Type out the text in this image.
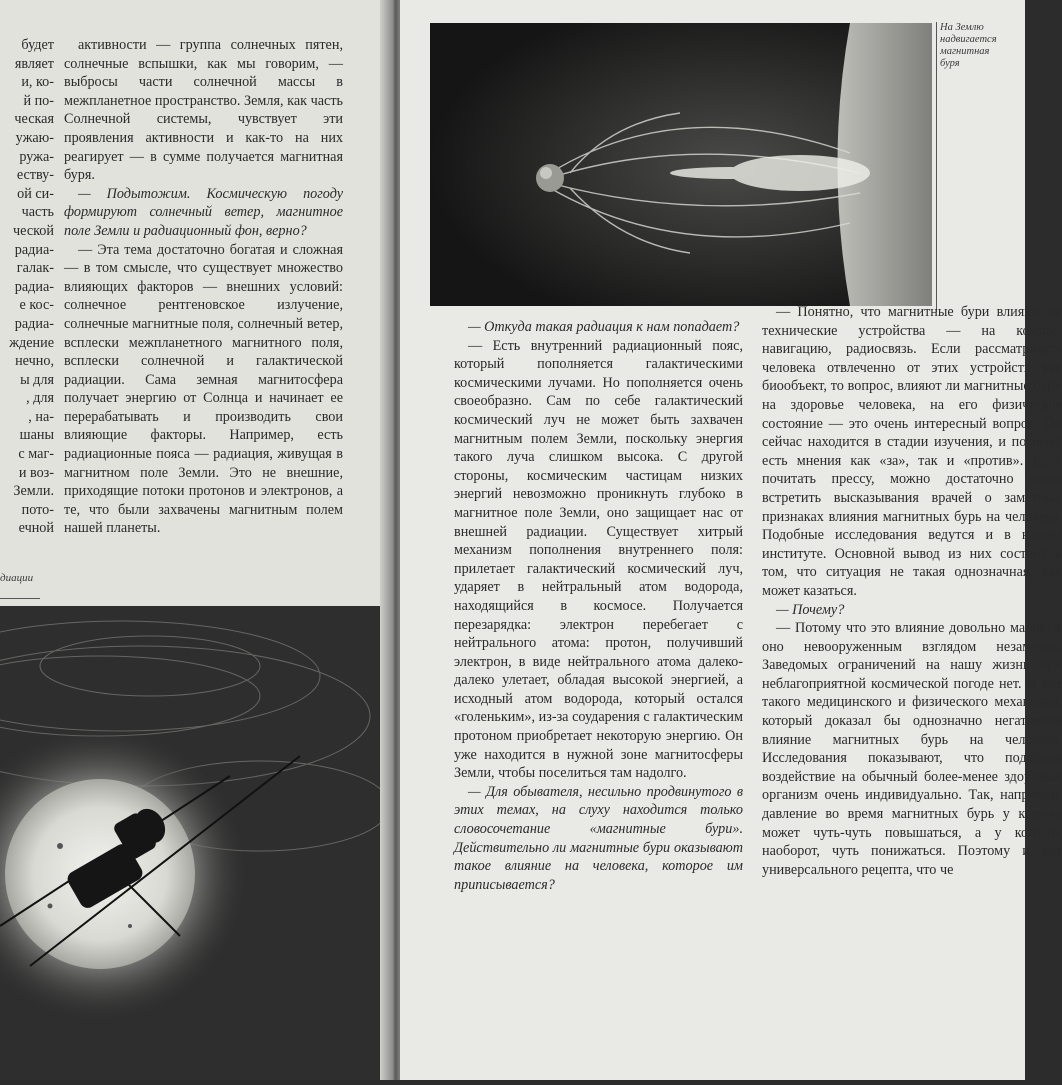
будет
являет
и, ко-
й по-
ческая
ужаю-
ружа-
еству-
ой си-
часть
ческой
радиа-
галак-
радиа-
е кос-
радиа-
ждение
нечно,
ы для
, для
, на-
шаны
с маг-
и воз-
Земли.
пото-
ечной

активности — группа солнечных пятен, солнечные вспышки, как мы говорим, — выбросы части солнечной массы в межпланетное пространство. Земля, как часть Солнечной системы, чувствует эти проявления активности и как-то на них реагирует — в сумме получается магнитная буря.

— Подытожим. Космическую погоду формируют солнечный ветер, магнитное поле Земли и радиационный фон, верно?

— Эта тема достаточно богатая и сложная — в том смысле, что существует множество влияющих факторов — внешних условий: солнечное рентгеновское излучение, солнечные магнитные поля, солнечный ветер, всплески межпланетного магнитного поля, всплески солнечной и галактической радиации. Сама земная магнитосфера получает энергию от Солнца и начинает ее перерабатывать и производить свои влияющие факторы. Например, есть радиационные пояса — радиация, живущая в магнитном поле Земли. Это не внешние, приходящие потоки протонов и электронов, а те, что были захвачены магнитным полем нашей планеты.

диации
На Землю
надвигается
магнитная
буря

— Откуда такая радиация к нам попадает?

— Есть внутренний радиационный пояс, который пополняется галактическими космическими лучами. Но пополняется очень своеобразно. Сам по себе галактический космический луч не может быть захвачен магнитным полем Земли, поскольку энергия такого луча слишком высока. С другой стороны, космическим частицам низких энергий невозможно проникнуть глубоко в магнитное поле Земли, оно защищает нас от внешней радиации. Существует хитрый механизм пополнения внутреннего поля: прилетает галактический космический луч, ударяет в нейтральный атом водорода, находящийся в космосе. Получается перезарядка: электрон перебегает с нейтрального атома: протон, получивший электрон, в виде нейтрального атома далеко-далеко улетает, обладая высокой энергией, а исходный атом водорода, который остался «голеньким», из-за соударения с галактическим протоном приобретает некоторую энергию. Он уже находится в нужной зоне магнитосферы Земли, чтобы поселиться там надолго.

— Для обывателя, несильно продвинутого в этих темах, на слуху находится только словосочетание «магнитные бури». Действительно ли магнитные бури оказывают такое влияние на человека, которое им приписывается?

— Понятно, что магнитные бури влияют на технические устройства — на компас, навигацию, радиосвязь. Если рассматривать человека отвлеченно от этих устройств как биообъект, то вопрос, влияют ли магнитные бури на здоровье человека, на его физическое состояние — это очень интересный вопрос. Он сейчас находится в стадии изучения, и по нему есть мнения как «за», так и «против». Если почитать прессу, можно достаточно часто встретить высказывания врачей о заметных признаках влияния магнитных бурь на человека. Подобные исследования ведутся и в нашем институте. Основной вывод из них состоит в том, что ситуация не такая однозначная, как может казаться.

— Почему?

— Потому что это влияние довольно малое, и оно невооруженным взглядом незаметно. Заведомых ограничений на нашу жизнь при неблагоприятной космической погоде нет. И нет такого медицинского и физического механизма, который доказал бы однозначно негативное влияние магнитных бурь на человека. Исследования показывают, что подобное воздействие на обычный более-менее здоровый организм очень индивидуально. Так, например, давление во время магнитных бурь у кого-то может чуть-чуть повышаться, а у кого-то, наоборот, чуть понижаться. Поэтому и нет универсального рецепта, что че
